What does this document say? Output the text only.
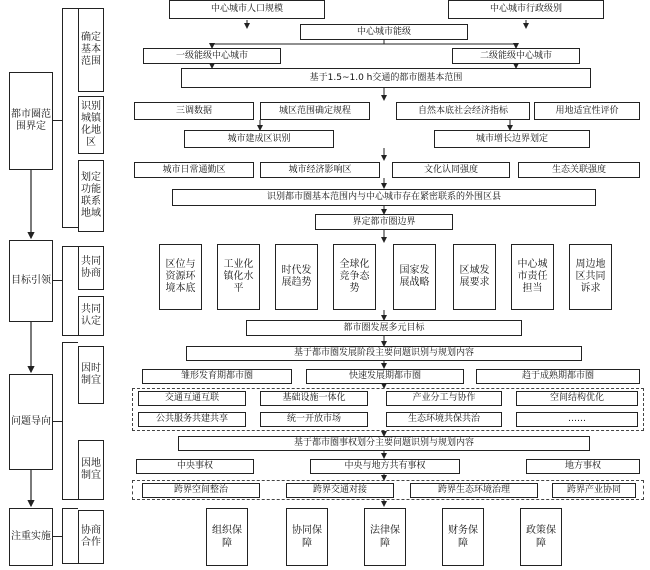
都市圈范围界定
目标引领
问题导向
注重实施
确定基本范围
识别城镇化地区
划定功能联系地域
共同协商
共同认定
因时制宜
因地制宜
协商合作
中心城市人口规模	中心城市行政级别
中心城市能级
一级能级中心城市	二级能级中心城市
基于1.5~1.0 h交通的都市圈基本范围
三调数据	城区范围确定规程	自然本底社会经济指标	用地适宜性评价
城市建成区识别	城市增长边界划定
城市日常通勤区	城市经济影响区	文化认同强度	生态关联强度
识别都市圈基本范围内与中心城市存在紧密联系的外围区县
界定都市圈边界
区位与资源环境本底
工业化镇化水平
时代发展趋势
全球化竞争态势
国家发展战略
区域发展要求
中心城市责任担当
周边地区共同诉求
都市圈发展多元目标
基于都市圈发展阶段主要问题识别与规划内容
雏形发育期都市圈	快速发展期都市圈	趋于成熟期都市圈
交通互通互联	基础设施一体化	产业分工与协作	空间结构优化
公共服务共建共享	统一开放市场	生态环境共保共治	……
基于都市圈事权划分主要问题识别与规划内容
中央事权	中央与地方共有事权	地方事权
跨界空间整治	跨界交通对接	跨界生态环境治理	跨界产业协同
组织保障
协同保障
法律保障
财务保障
政策保障
